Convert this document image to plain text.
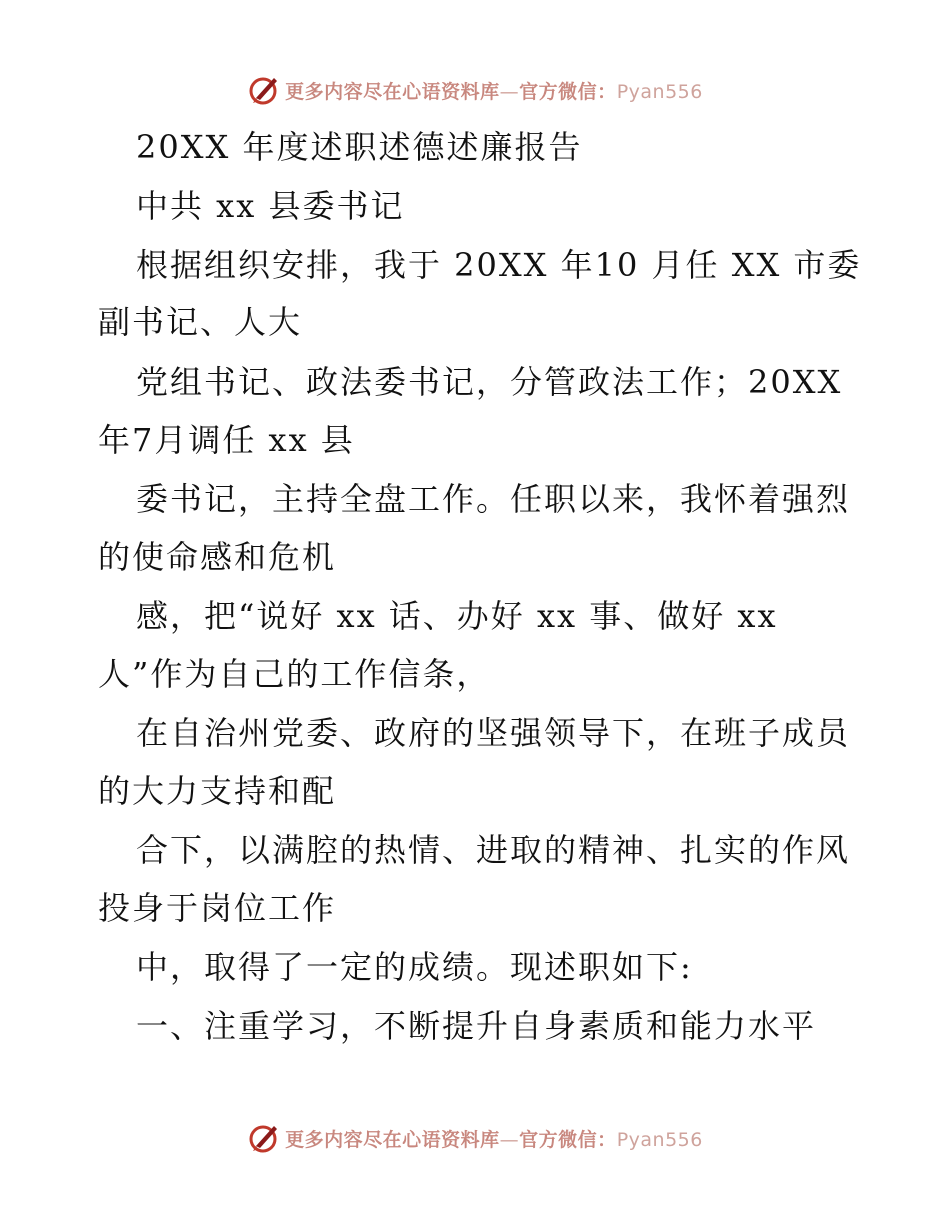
更多内容尽在心语资料库—官方微信：Pyan556
20XX 年度述职述德述廉报告
中共 xx 县委书记
根据组织安排，我于 20XX 年10 月任 XX 市委
副书记、人大
党组书记、政法委书记，分管政法工作；20XX
年7月调任 xx 县
委书记，主持全盘工作。任职以来，我怀着强烈
的使命感和危机
感，把“说好 xx 话、办好 xx 事、做好 xx
人”作为自己的工作信条，
在自治州党委、政府的坚强领导下，在班子成员
的大力支持和配
合下，以满腔的热情、进取的精神、扎实的作风
投身于岗位工作
中，取得了一定的成绩。现述职如下:
一、注重学习，不断提升自身素质和能力水平
更多内容尽在心语资料库—官方微信：Pyan556
